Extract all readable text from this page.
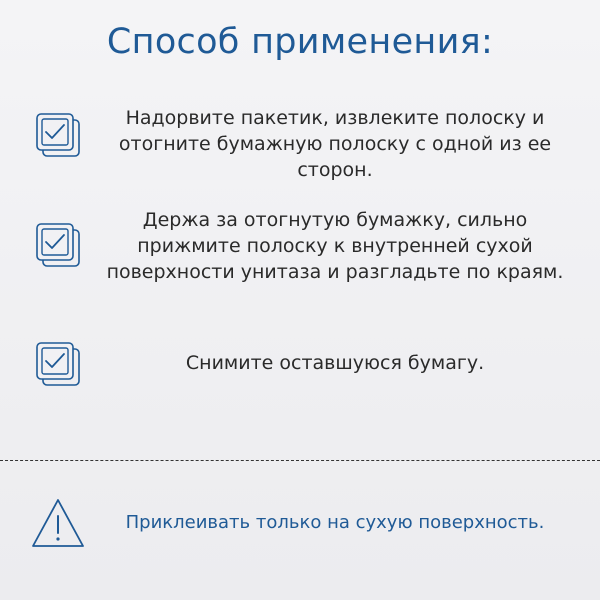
Способ применения:
Надорвите пакетик, извлеките полоску и отогните бумажную полоску с одной из ее сторон.
Держа за отогнутую бумажку, сильно прижмите полоску к внутренней сухой поверхности унитаза и разгладьте по краям.
Снимите оставшуюся бумагу.
Приклеивать только на сухую поверхность.
